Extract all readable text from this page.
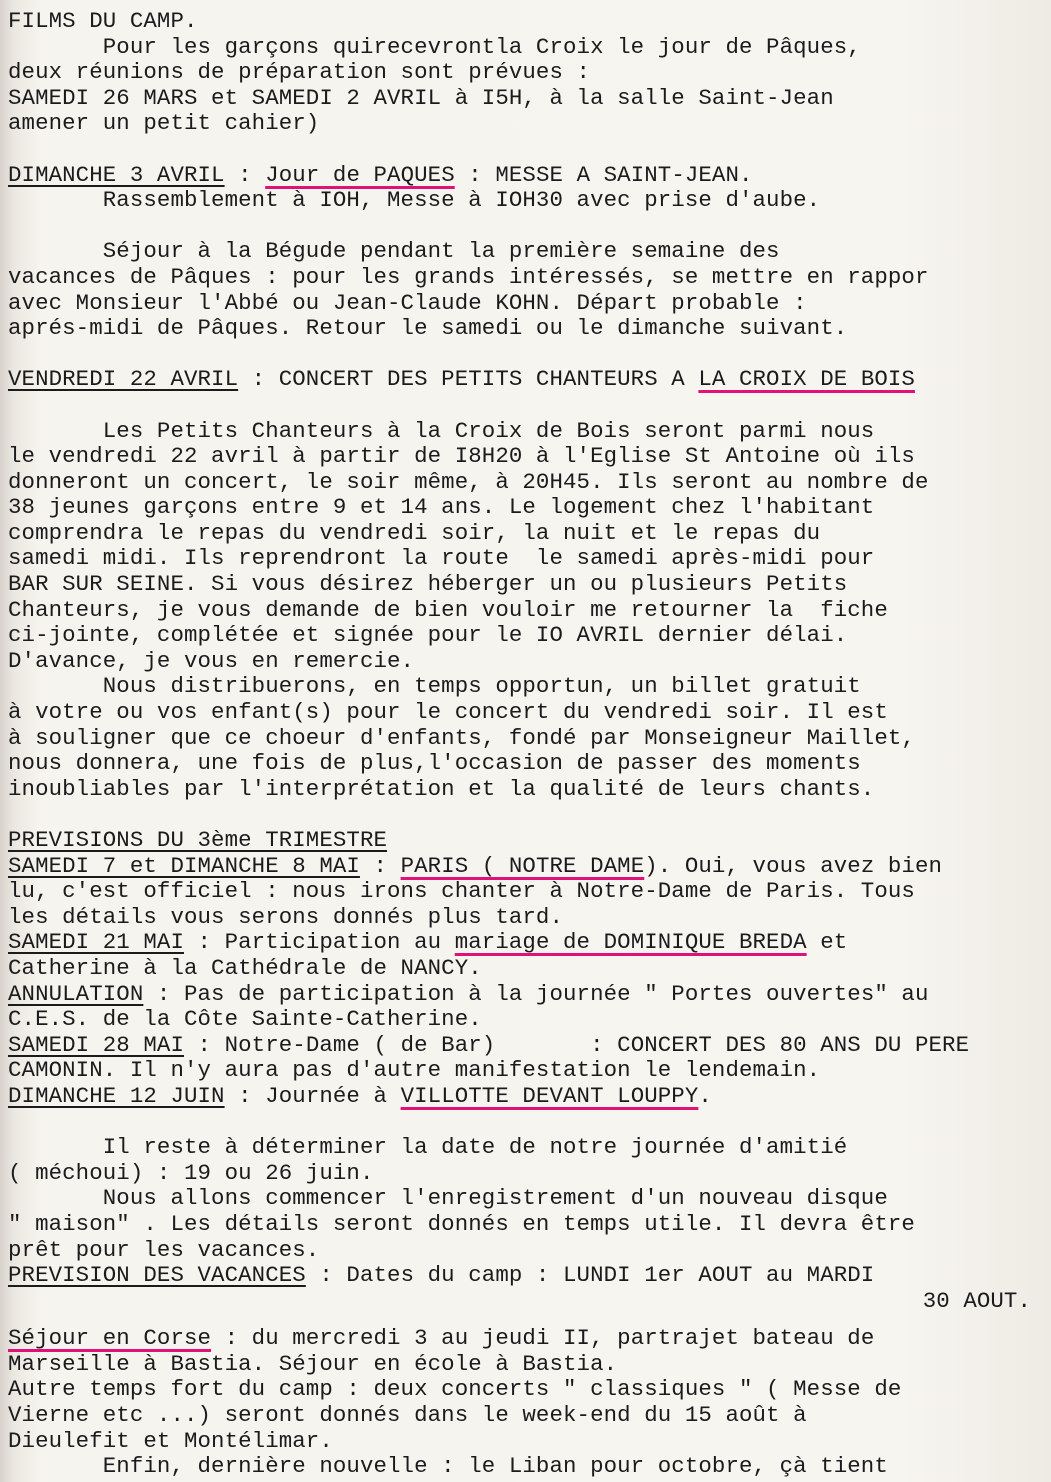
FILMS DU CAMP.
Pour les garçons quirecevrontla Croix le jour de Pâques,
deux réunions de préparation sont prévues :
SAMEDI 26 MARS et SAMEDI 2 AVRIL à I5H, à la salle Saint-Jean
amener un petit cahier)
DIMANCHE 3 AVRIL : Jour de PAQUES : MESSE A SAINT-JEAN.
Rassemblement à IOH, Messe à IOH30 avec prise d'aube.
Séjour à la Bégude pendant la première semaine des
vacances de Pâques : pour les grands intéressés, se mettre en rappor
avec Monsieur l'Abbé ou Jean-Claude KOHN. Départ probable :
aprés-midi de Pâques. Retour le samedi ou le dimanche suivant.
VENDREDI 22 AVRIL : CONCERT DES PETITS CHANTEURS A LA CROIX DE BOIS
Les Petits Chanteurs à la Croix de Bois seront parmi nous
le vendredi 22 avril à partir de I8H20 à l'Eglise St Antoine où ils
donneront un concert, le soir même, à 20H45. Ils seront au nombre de
38 jeunes garçons entre 9 et 14 ans. Le logement chez l'habitant
comprendra le repas du vendredi soir, la nuit et le repas du
samedi midi. Ils reprendront la route  le samedi après-midi pour
BAR SUR SEINE. Si vous désirez héberger un ou plusieurs Petits
Chanteurs, je vous demande de bien vouloir me retourner la  fiche
ci-jointe, complétée et signée pour le IO AVRIL dernier délai.
D'avance, je vous en remercie.
Nous distribuerons, en temps opportun, un billet gratuit
à votre ou vos enfant(s) pour le concert du vendredi soir. Il est
à souligner que ce choeur d'enfants, fondé par Monseigneur Maillet,
nous donnera, une fois de plus,l'occasion de passer des moments
inoubliables par l'interprétation et la qualité de leurs chants.
PREVISIONS DU 3ème TRIMESTRE
SAMEDI 7 et DIMANCHE 8 MAI : PARIS ( NOTRE DAME). Oui, vous avez bien
lu, c'est officiel : nous irons chanter à Notre-Dame de Paris. Tous
les détails vous serons donnés plus tard.
SAMEDI 21 MAI : Participation au mariage de DOMINIQUE BREDA et
Catherine à la Cathédrale de NANCY.
ANNULATION : Pas de participation à la journée " Portes ouvertes" au
C.E.S. de la Côte Sainte-Catherine.
SAMEDI 28 MAI : Notre-Dame ( de Bar)       : CONCERT DES 80 ANS DU PERE
CAMONIN. Il n'y aura pas d'autre manifestation le lendemain.
DIMANCHE 12 JUIN : Journée à VILLOTTE DEVANT LOUPPY.
Il reste à déterminer la date de notre journée d'amitié
( méchoui) : 19 ou 26 juin.
Nous allons commencer l'enregistrement d'un nouveau disque
" maison" . Les détails seront donnés en temps utile. Il devra être
prêt pour les vacances.
PREVISION DES VACANCES : Dates du camp : LUNDI 1er AOUT au MARDI
30 AOUT.
Séjour en Corse : du mercredi 3 au jeudi II, partrajet bateau de
Marseille à Bastia. Séjour en école à Bastia.
Autre temps fort du camp : deux concerts " classiques " ( Messe de
Vierne etc ...) seront donnés dans le week-end du 15 août à
Dieulefit et Montélimar.
Enfin, dernière nouvelle : le Liban pour octobre, çà tient
